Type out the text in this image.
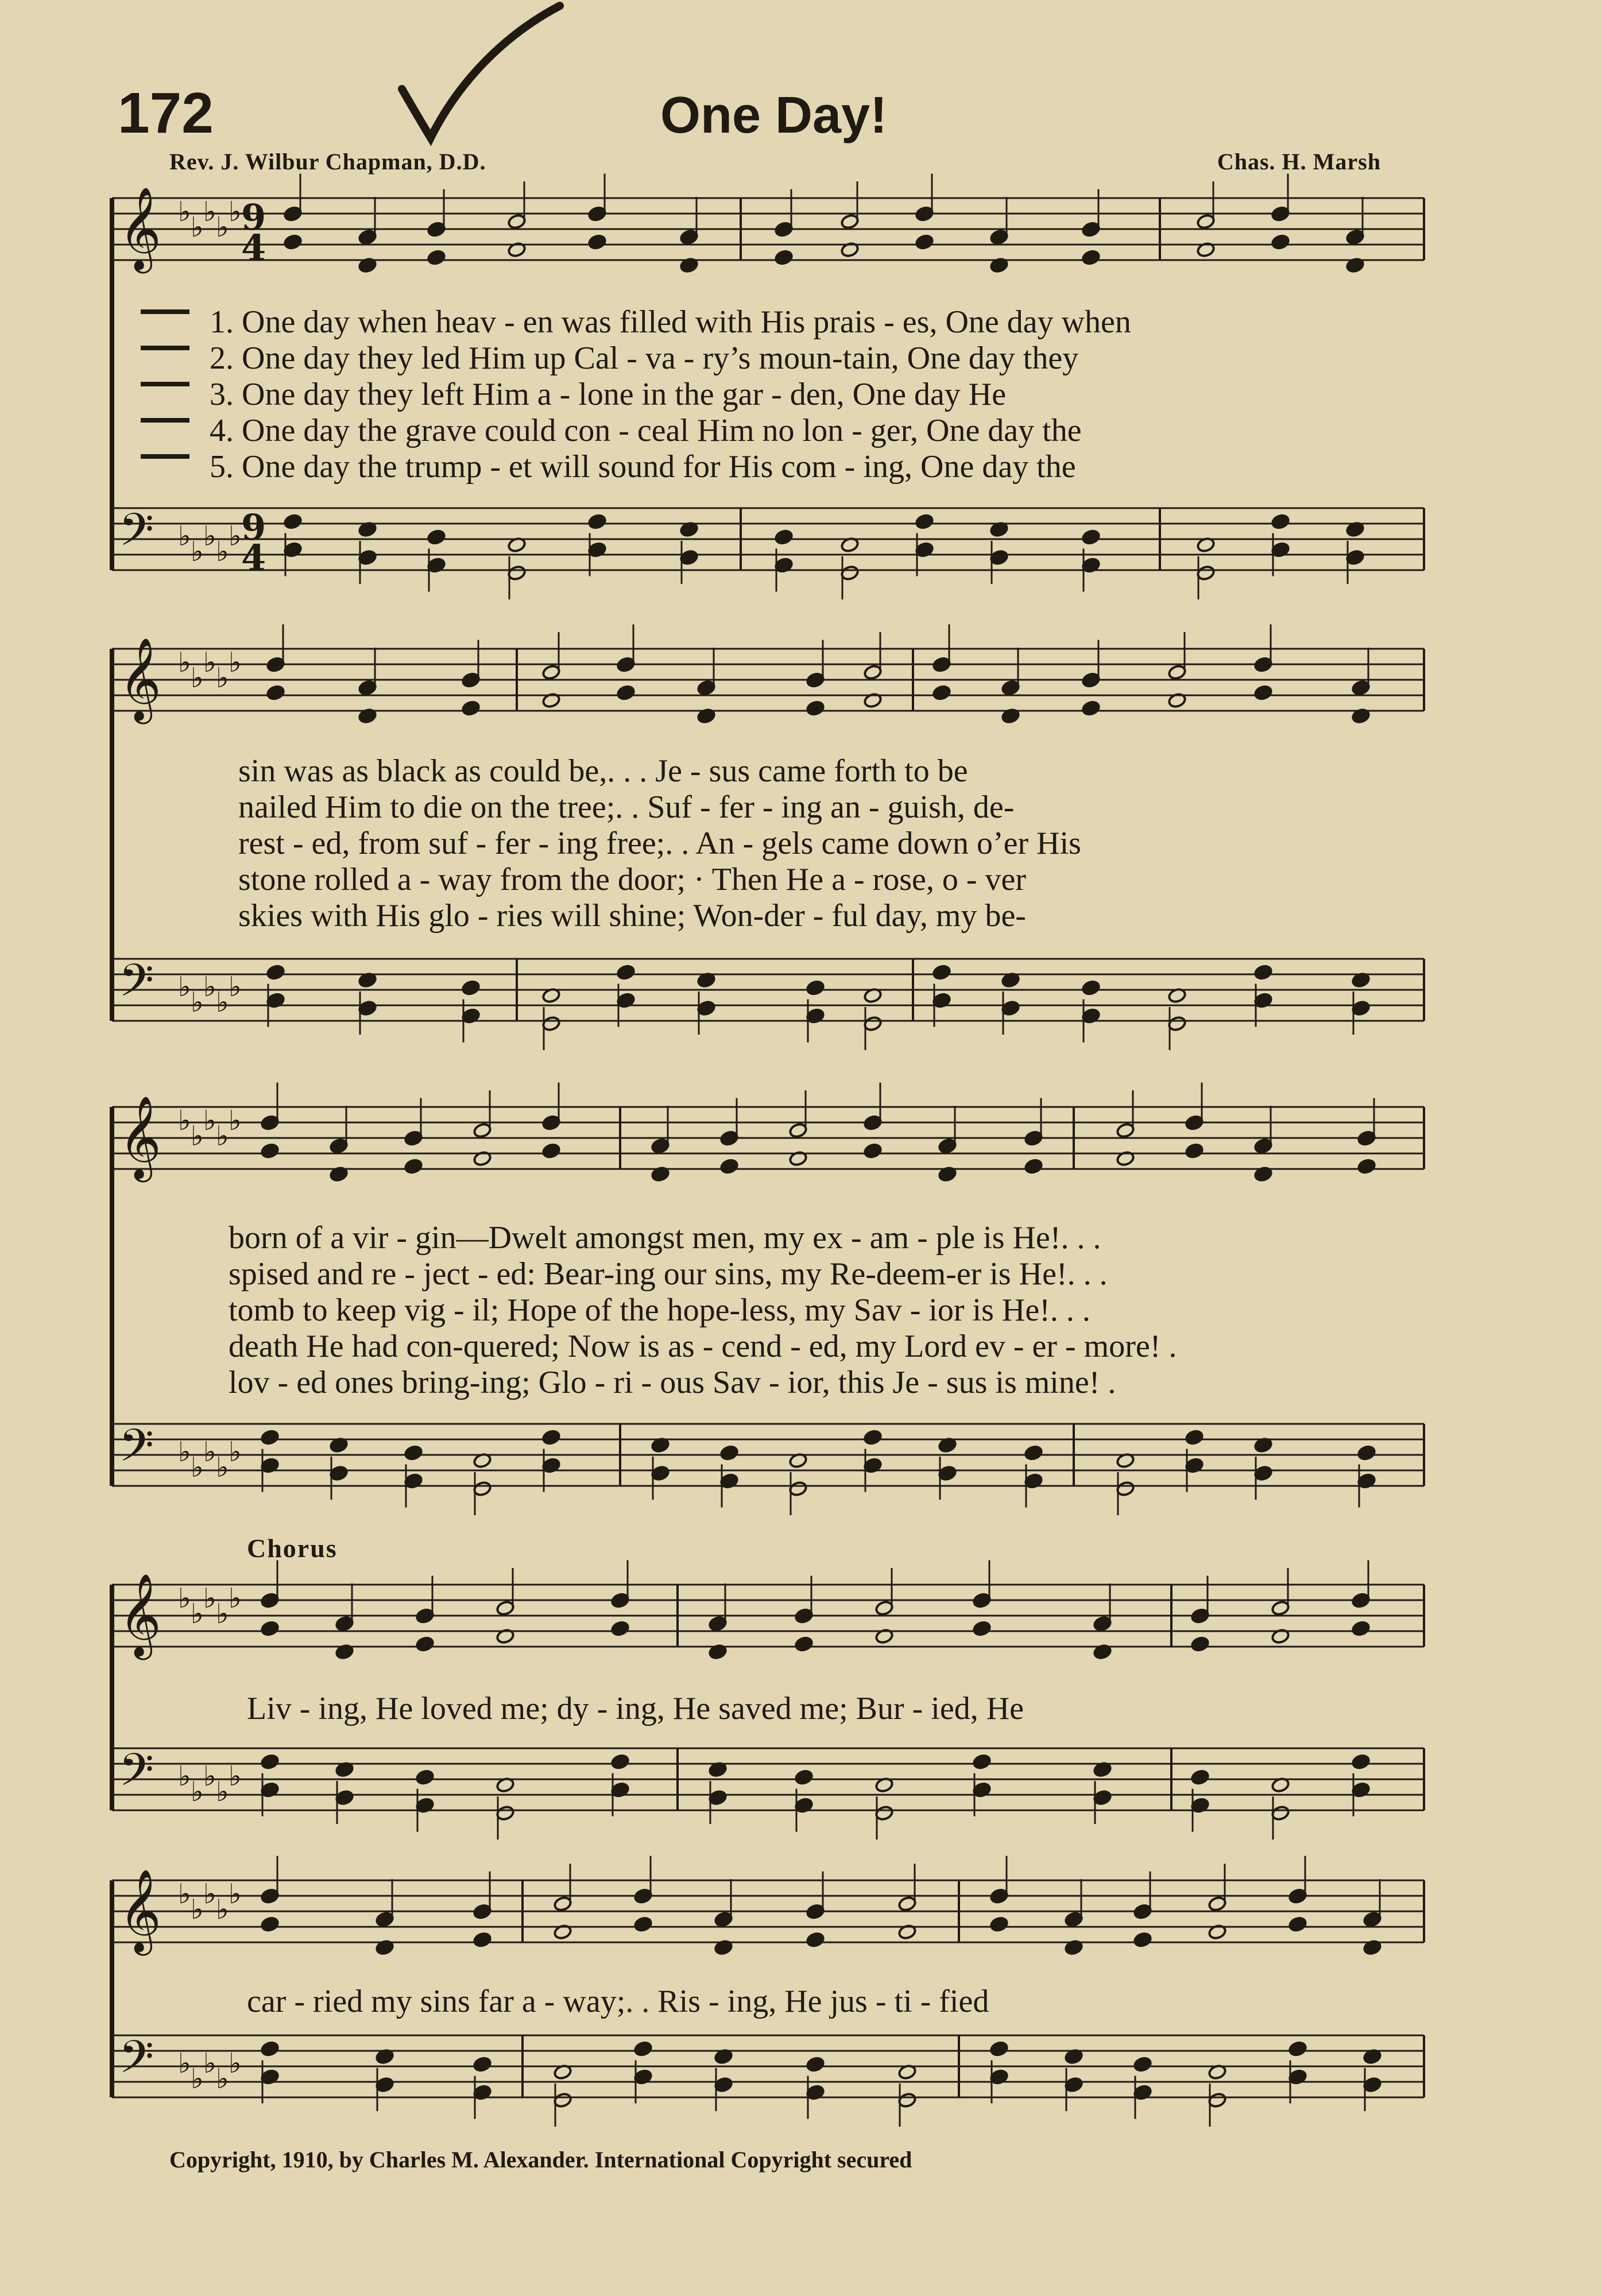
𝄞
𝄢
♭
♭
♭
♭
♭
♭
♭
♭
♭
♭
9
4
9
4
𝄞
𝄢
♭
♭
♭
♭
♭
♭
♭
♭
♭
♭
𝄞
𝄢
♭
♭
♭
♭
♭
♭
♭
♭
♭
♭
𝄞
𝄢
♭
♭
♭
♭
♭
♭
♭
♭
♭
♭
𝄞
𝄢
♭
♭
♭
♭
♭
♭
♭
♭
♭
♭
172	One Day!
Rev. J. Wilbur Chapman, D.D.	Chas. H. Marsh
1. One day when heav - en was filled with His prais - es, One day when
2. One day they led Him up Cal - va - ry’s moun-tain, One day they
3. One day they left Him a - lone in the gar - den, One day He
4. One day the grave could con - ceal Him no lon - ger, One day the
5. One day the trump - et will sound for His com - ing, One day the
sin was as black as could be,. . . Je - sus came forth to be
nailed Him to die on the tree;. . Suf - fer - ing an - guish, de-
rest - ed, from suf - fer - ing free;. . An - gels came down o’er His
stone rolled a - way from the door; · Then He a - rose, o - ver
skies with His glo - ries will shine; Won-der - ful day, my be-
born of a vir - gin—Dwelt amongst men, my ex - am - ple is He!. . .
spised and re - ject - ed: Bear-ing our sins, my Re-deem-er is He!. . .
tomb to keep vig - il; Hope of the hope-less, my Sav - ior is He!. . .
death He had con-quered; Now is as - cend - ed, my Lord ev - er - more! .
lov - ed ones bring-ing; Glo - ri - ous Sav - ior, this Je - sus is mine! .
Chorus
Liv - ing, He loved me; dy - ing, He saved me; Bur - ied, He
car - ried my sins far a - way;. . Ris - ing, He jus - ti - fied
Copyright, 1910, by Charles M. Alexander. International Copyright secured
